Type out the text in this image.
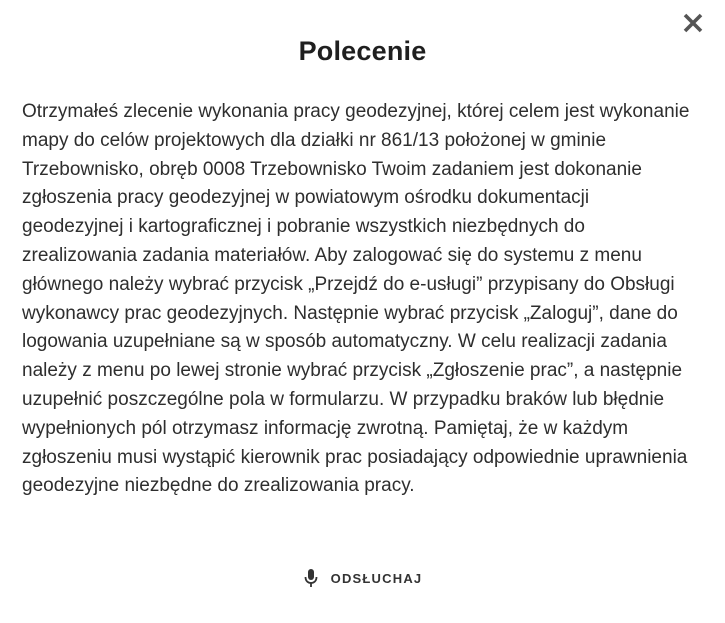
Polecenie

Otrzymałeś zlecenie wykonania pracy geodezyjnej, której celem jest wykonanie mapy do celów projektowych dla działki nr 861/13 położonej w gminie Trzebownisko, obręb 0008 Trzebownisko Twoim zadaniem jest dokonanie zgłoszenia pracy geodezyjnej w powiatowym ośrodku dokumentacji geodezyjnej i kartograficznej i pobranie wszystkich niezbędnych do zrealizowania zadania materiałów. Aby zalogować się do systemu z menu głównego należy wybrać przycisk „Przejdź do e-usługi” przypisany do Obsługi wykonawcy prac geodezyjnych. Następnie wybrać przycisk „Zaloguj”, dane do logowania uzupełniane są w sposób automatyczny. W celu realizacji zadania należy z menu po lewej stronie wybrać przycisk „Zgłoszenie prac”, a następnie uzupełnić poszczególne pola w formularzu. W przypadku braków lub błędnie wypełnionych pól otrzymasz informację zwrotną. Pamiętaj, że w każdym zgłoszeniu musi wystąpić kierownik prac posiadający odpowiednie uprawnienia geodezyjne niezbędne do zrealizowania pracy.

ODSŁUCHAJ
